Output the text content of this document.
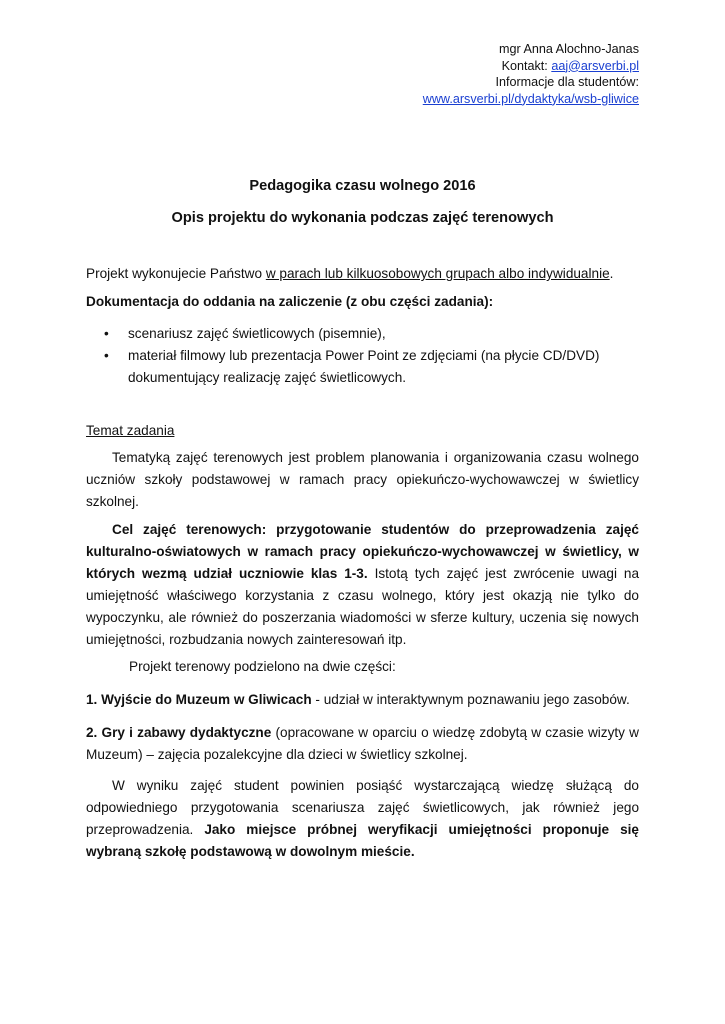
mgr Anna Alochno-Janas
Kontakt: aaj@arsverbi.pl
Informacje dla studentów:
www.arsverbi.pl/dydaktyka/wsb-gliwice
Pedagogika czasu wolnego 2016
Opis projektu do wykonania podczas zajęć terenowych

Projekt wykonujecie Państwo w parach lub kilkuosobowych grupach albo indywidualnie.

Dokumentacja do oddania na zaliczenie (z obu części zadania):

• scenariusz zajęć świetlicowych (pisemnie),
• materiał filmowy lub prezentacja Power Point ze zdjęciami (na płycie CD/DVD) dokumentujący realizację zajęć świetlicowych.

Temat zadania

Tematyką zajęć terenowych jest problem planowania i organizowania czasu wolnego uczniów szkoły podstawowej w ramach pracy opiekuńczo-wychowawczej w świetlicy szkolnej.

Cel zajęć terenowych: przygotowanie studentów do przeprowadzenia zajęć kulturalno-oświatowych w ramach pracy opiekuńczo-wychowawczej w świetlicy, w których wezmą udział uczniowie klas 1-3. Istotą tych zajęć jest zwrócenie uwagi na umiejętność właściwego korzystania z czasu wolnego, który jest okazją nie tylko do wypoczynku, ale również do poszerzania wiadomości w sferze kultury, uczenia się nowych umiejętności, rozbudzania nowych zainteresowań itp.

Projekt terenowy podzielono na dwie części:

1. Wyjście do Muzeum w Gliwicach - udział w interaktywnym poznawaniu jego zasobów.

2. Gry i zabawy dydaktyczne (opracowane w oparciu o wiedzę zdobytą w czasie wizyty w Muzeum) – zajęcia pozalekcyjne dla dzieci w świetlicy szkolnej.

W wyniku zajęć student powinien posiąść wystarczającą wiedzę służącą do odpowiedniego przygotowania scenariusza zajęć świetlicowych, jak również jego przeprowadzenia. Jako miejsce próbnej weryfikacji umiejętności proponuje się wybraną szkołę podstawową w dowolnym mieście.
